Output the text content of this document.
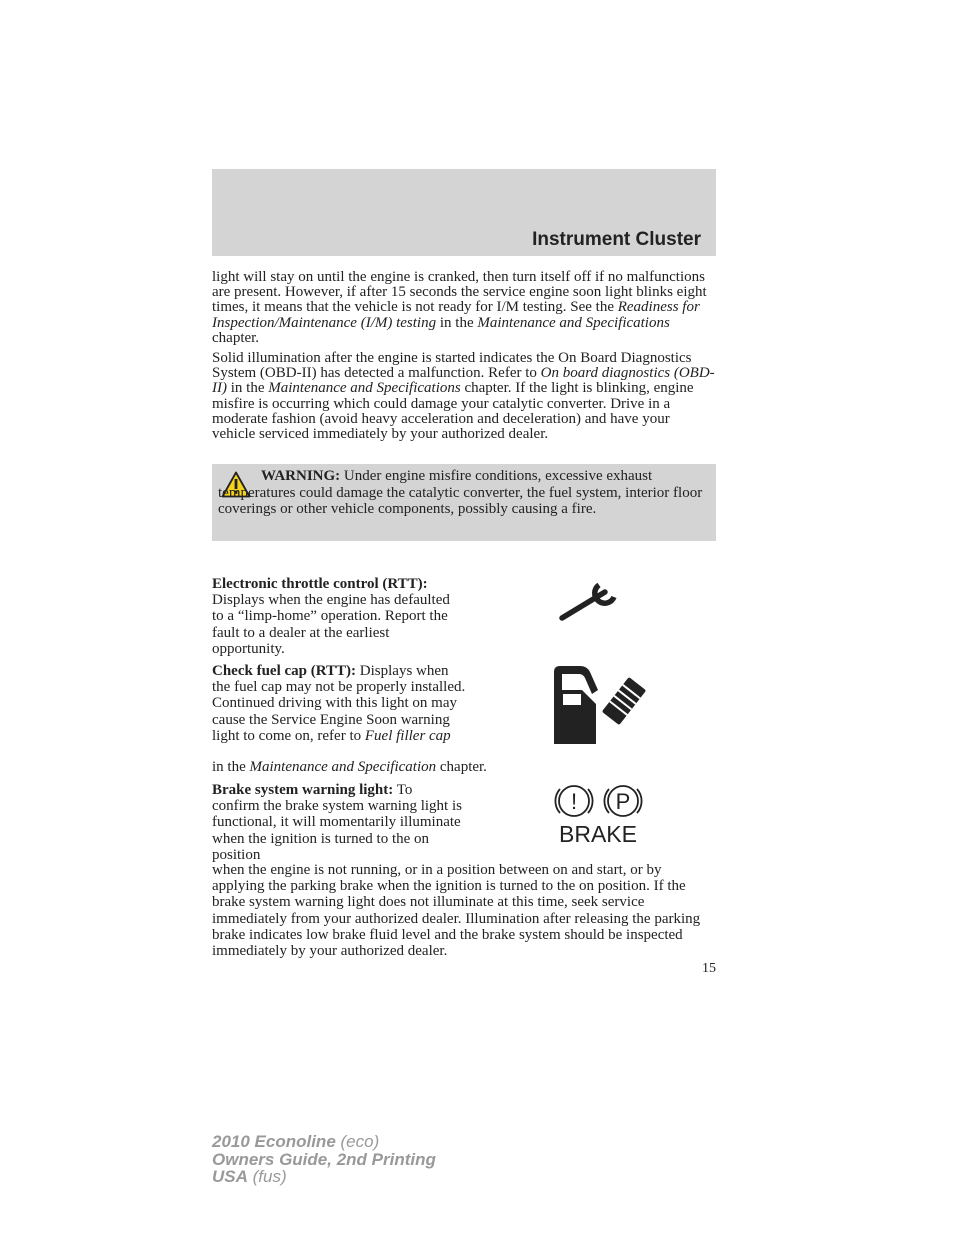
Instrument Cluster

light will stay on until the engine is cranked, then turn itself off if no malfunctions are present. However, if after 15 seconds the service engine soon light blinks eight times, it means that the vehicle is not ready for I/M testing. See the Readiness for Inspection/Maintenance (I/M) testing in the Maintenance and Specifications chapter.

Solid illumination after the engine is started indicates the On Board Diagnostics System (OBD-II) has detected a malfunction. Refer to On board diagnostics (OBD-II) in the Maintenance and Specifications chapter. If the light is blinking, engine misfire is occurring which could damage your catalytic converter. Drive in a moderate fashion (avoid heavy acceleration and deceleration) and have your vehicle serviced immediately by your authorized dealer.

WARNING: Under engine misfire conditions, excessive exhaust temperatures could damage the catalytic converter, the fuel system, interior floor coverings or other vehicle components, possibly causing a fire.

Electronic throttle control (RTT): Displays when the engine has defaulted to a “limp-home” operation. Report the fault to a dealer at the earliest opportunity.

Check fuel cap (RTT): Displays when the fuel cap may not be properly installed. Continued driving with this light on may cause the Service Engine Soon warning light to come on, refer to Fuel filler cap

in the Maintenance and Specification chapter.

Brake system warning light: To confirm the brake system warning light is functional, it will momentarily illuminate when the ignition is turned to the on position

! P
BRAKE

when the engine is not running, or in a position between on and start, or by applying the parking brake when the ignition is turned to the on position. If the brake system warning light does not illuminate at this time, seek service immediately from your authorized dealer. Illumination after releasing the parking brake indicates low brake fluid level and the brake system should be inspected immediately by your authorized dealer.

15
2010 Econoline (eco)
Owners Guide, 2nd Printing
USA (fus)
